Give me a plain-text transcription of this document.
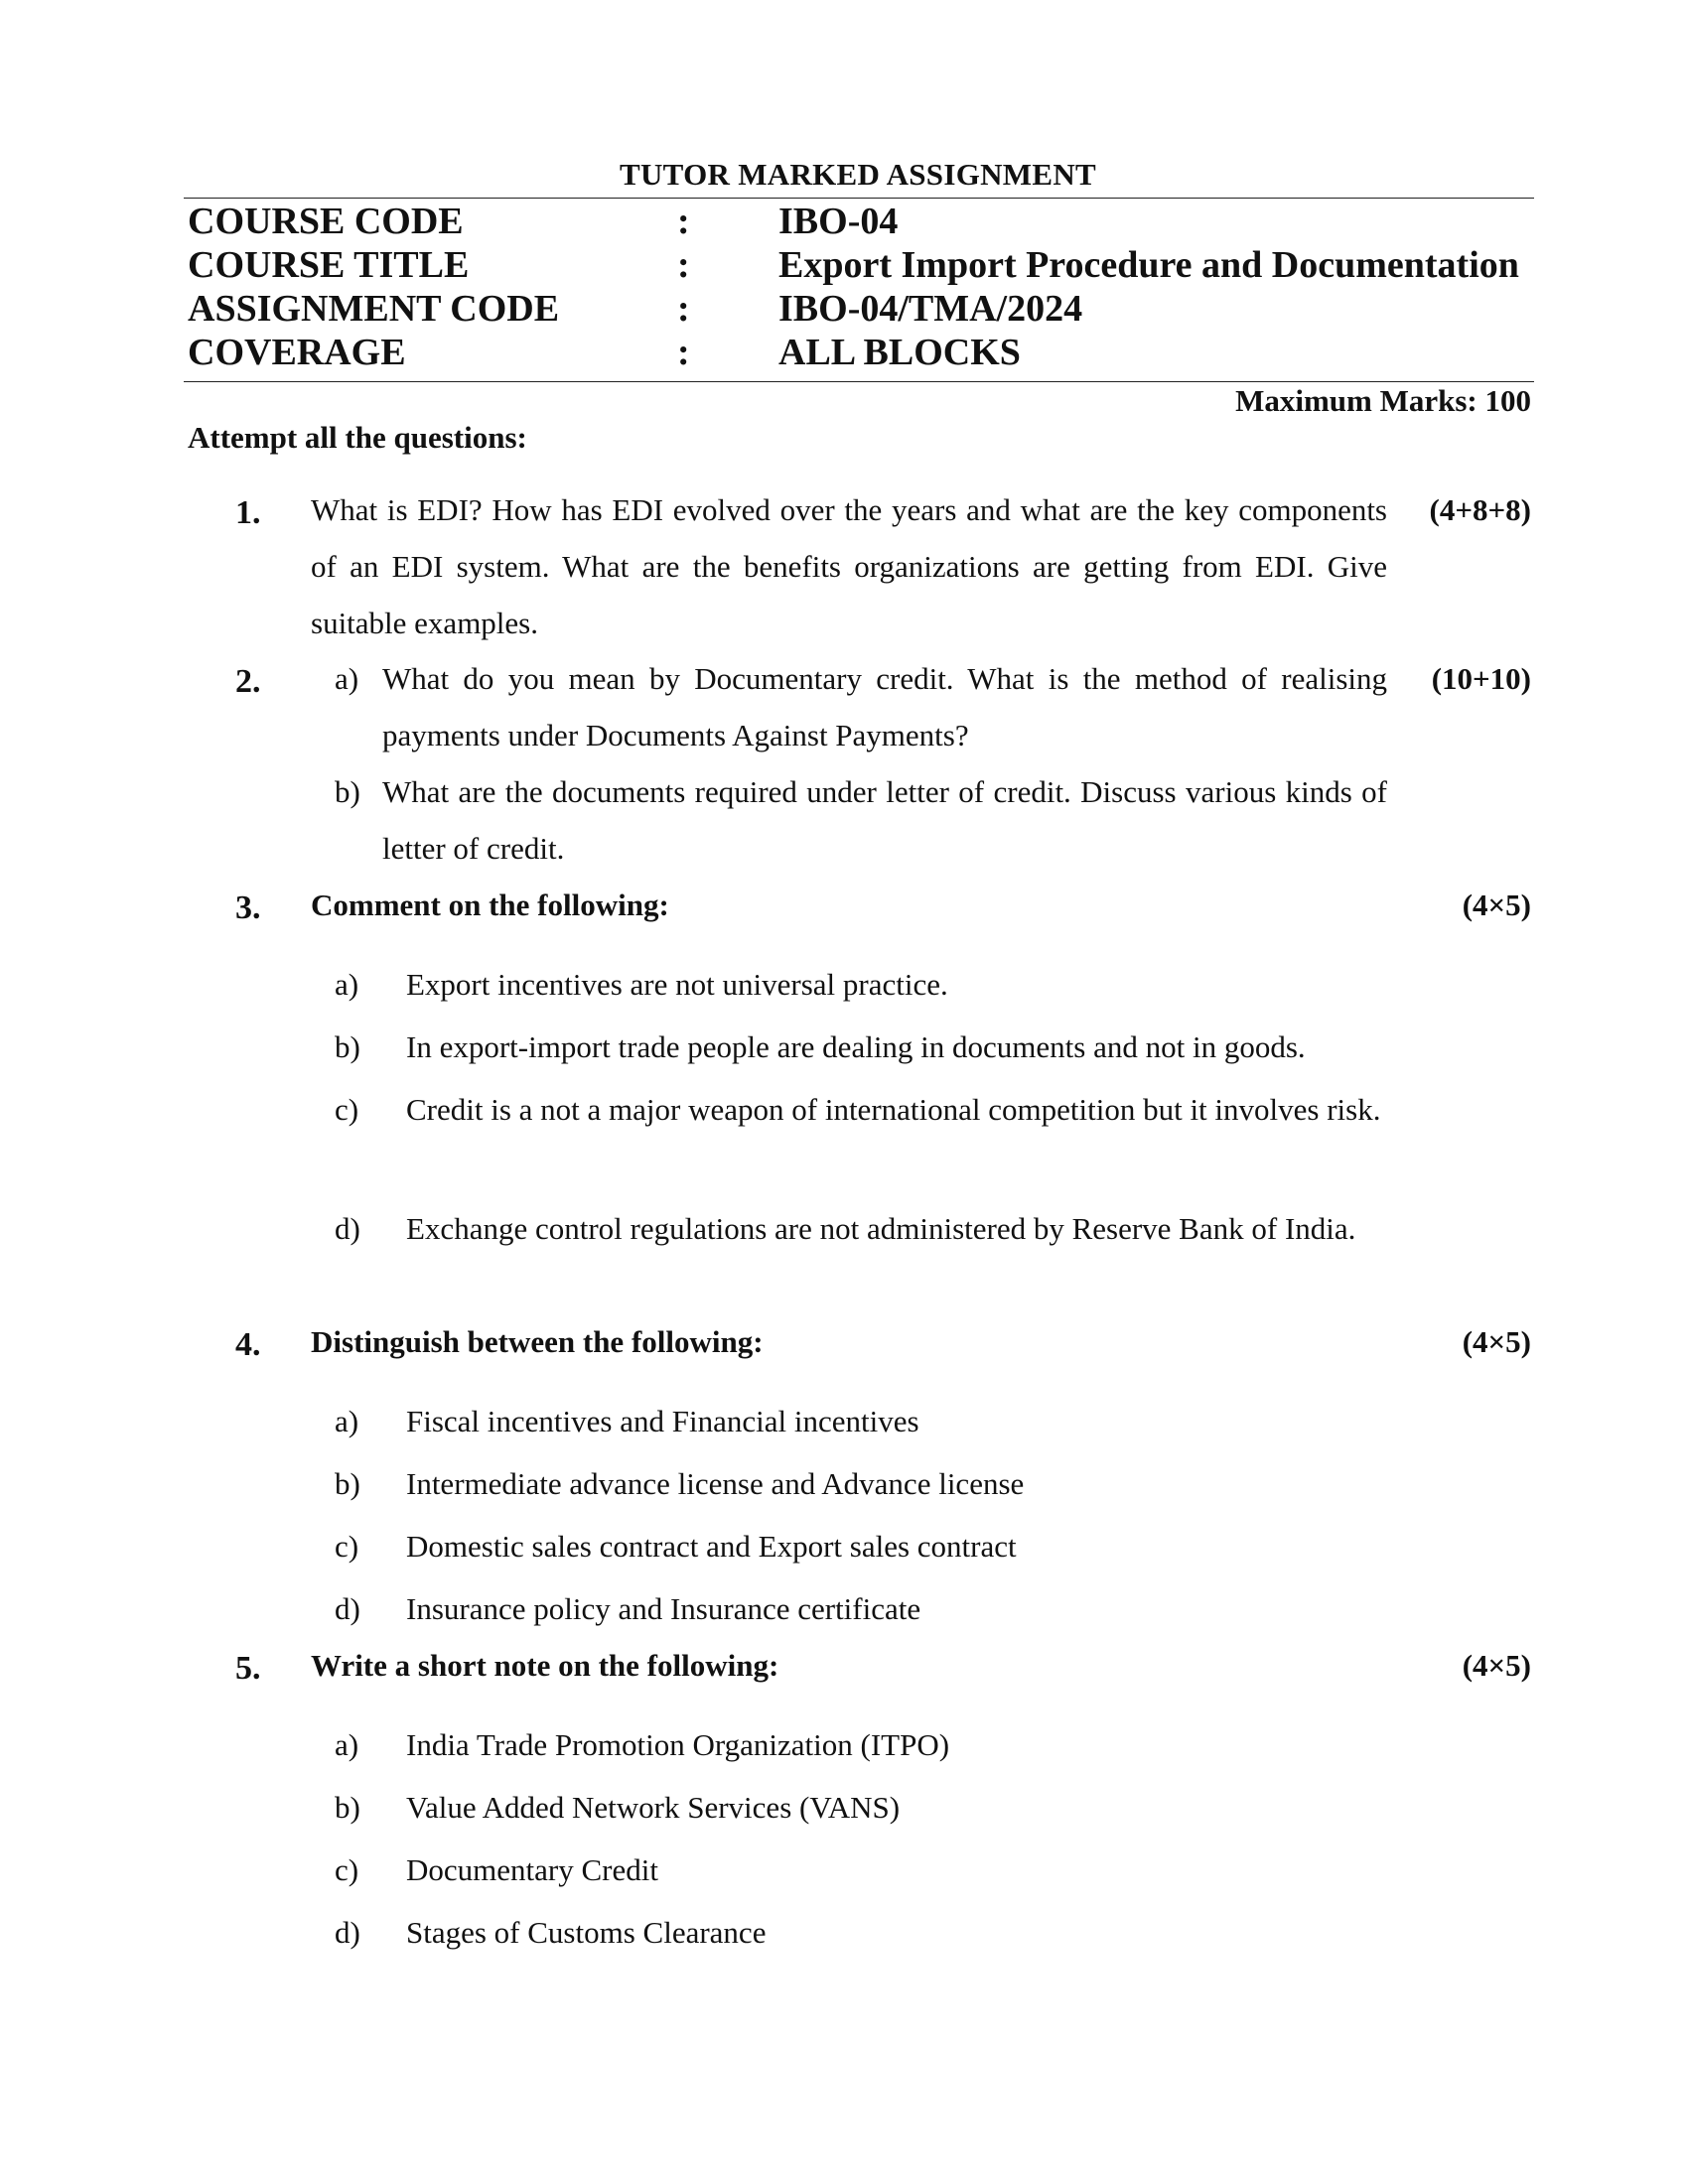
TUTOR MARKED ASSIGNMENT
COURSE CODE	: IBO-04
COURSE TITLE	: Export Import Procedure and Documentation
ASSIGNMENT CODE	: IBO-04/TMA/2024
COVERAGE	: ALL BLOCKS
Maximum Marks: 100
Attempt all the questions:
1.	(4+8+8)
What is EDI? How has EDI evolved over the years and what are the key components of an EDI system. What are the benefits organizations are getting from EDI. Give suitable examples.
2.	(10+10)
a) What do you mean by Documentary credit. What is the method of realising payments under Documents Against Payments?
b) What are the documents required under letter of credit. Discuss various kinds of letter of credit.
3.	(4×5)
Comment on the following:
a) Export incentives are not universal practice.
b) In export-import trade people are dealing in documents and not in goods.
c) Credit is a not a major weapon of international competition but it involves risk.
d) Exchange control regulations are not administered by Reserve Bank of India.
4.	(4×5)
Distinguish between the following:
a) Fiscal incentives and Financial incentives
b) Intermediate advance license and Advance license
c) Domestic sales contract and Export sales contract
d) Insurance policy and Insurance certificate
5.	(4×5)
Write a short note on the following:
a) India Trade Promotion Organization (ITPO)
b) Value Added Network Services (VANS)
c) Documentary Credit
d) Stages of Customs Clearance
